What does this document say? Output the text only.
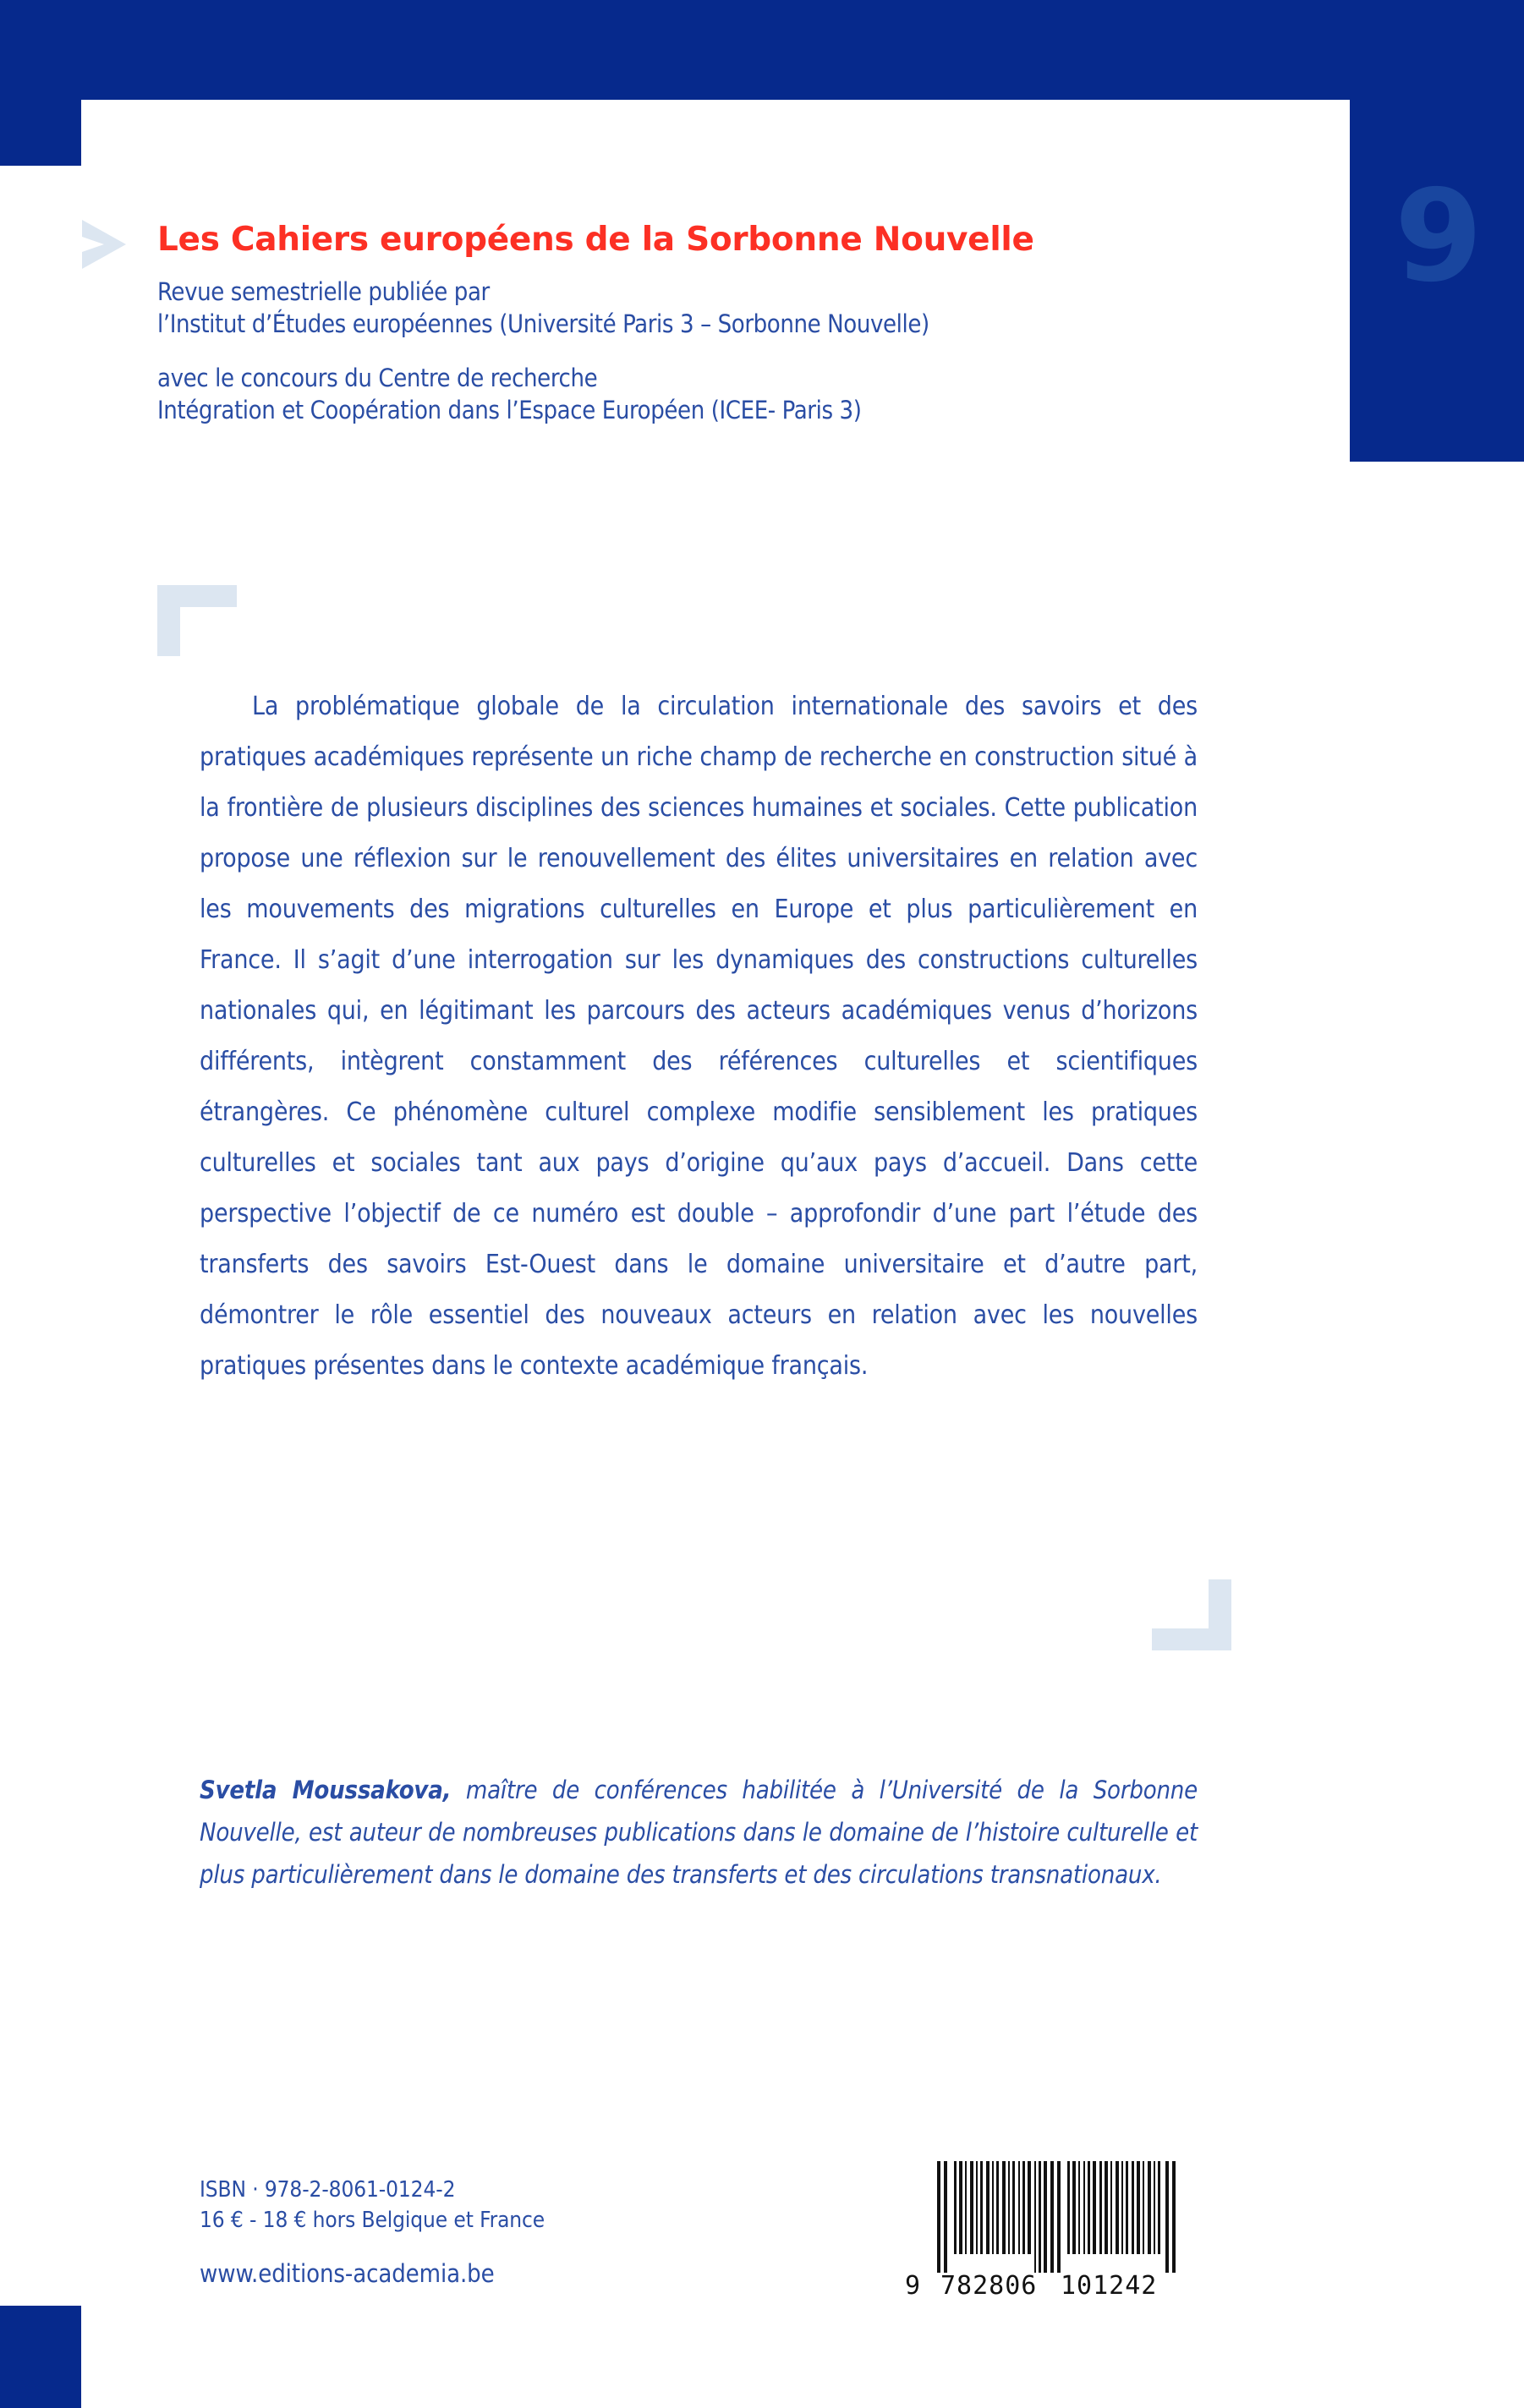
9
Les Cahiers européens de la Sorbonne Nouvelle

Revue semestrielle publiée par

l’Institut d’Études européennes (Université Paris 3 – Sorbonne Nouvelle)

avec le concours du Centre de recherche

Intégration et Coopération dans l’Espace Européen (ICEE- Paris 3)

La problématique globale de la circulation internationale des savoirs et des pratiques académiques représente un riche champ de recherche en construction situé à la frontière de plusieurs disciplines des sciences humaines et sociales. Cette publication propose une réflexion sur le renouvellement des élites universitaires en relation avec les mouvements des migrations culturelles en Europe et plus particulièrement en France. Il s’agit d’une interrogation sur les dynamiques des constructions culturelles nationales qui, en légitimant les parcours des acteurs académiques venus d’horizons différents, intègrent constamment des références culturelles et scientifiques étrangères. Ce phénomène culturel complexe modifie sensiblement les pratiques culturelles et sociales tant aux pays d’origine qu’aux pays d’accueil. Dans cette perspective l’objectif de ce numéro est double – approfondir d’une part l’étude des transferts des savoirs Est-Ouest dans le domaine universitaire et d’autre part, démontrer le rôle essentiel des nouveaux acteurs en relation avec les nouvelles pratiques présentes dans le contexte académique français.
Svetla Moussakova, maître de conférences habilitée à l’Université de la Sorbonne Nouvelle, est auteur de nombreuses publications dans le domaine de l’histoire culturelle et plus particulièrement dans le domaine des transferts et des circulations transnationaux.
ISBN · 978-2-8061-0124-2
16 € - 18 € hors Belgique et France
www.editions-academia.be	9 782806 101242
